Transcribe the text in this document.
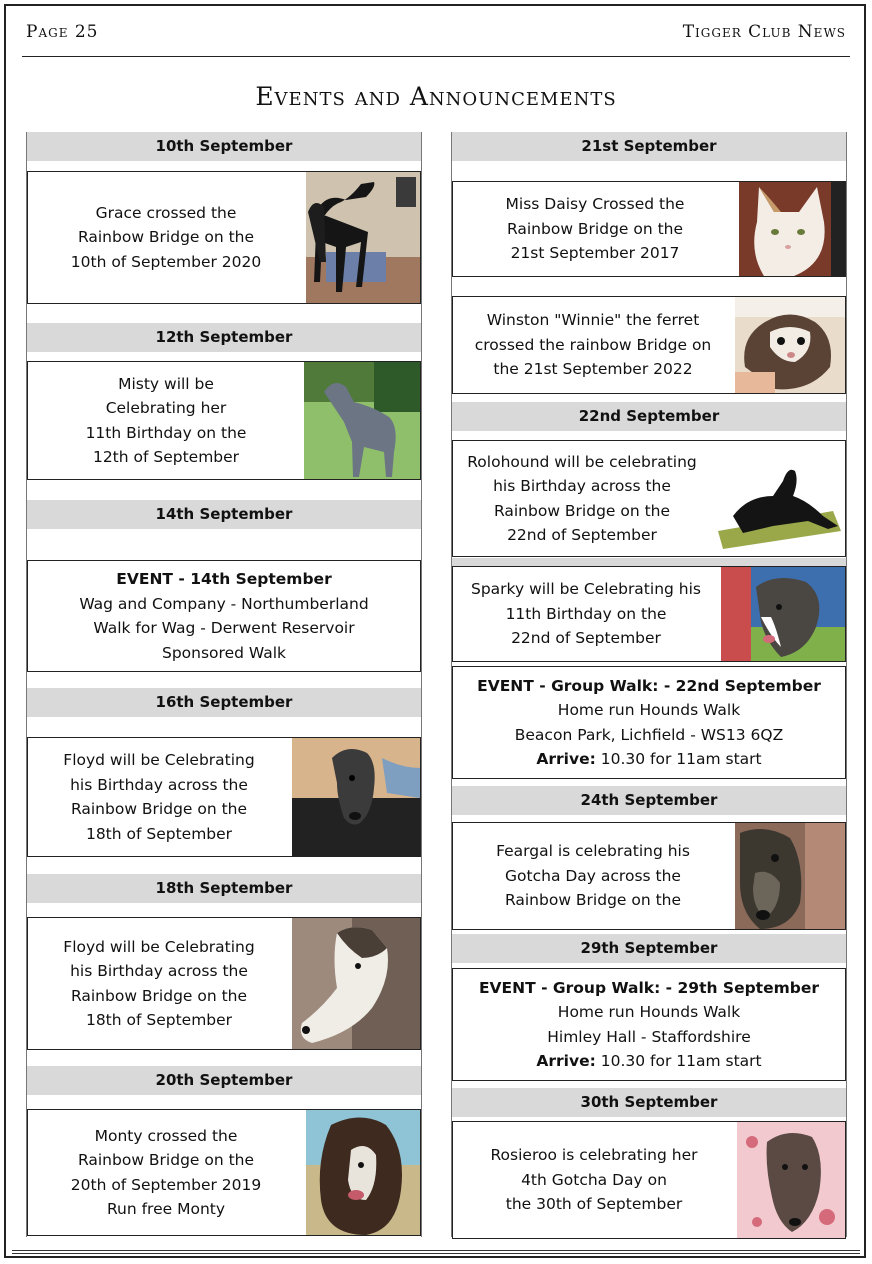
Page 25	Tigger Club News
Events and Announcements
10th September
Grace crossed the
Rainbow Bridge on the
10th of September 2020
12th September
Misty will be
Celebrating her
11th Birthday on the
12th of September
14th September
EVENT - 14th September
Wag and Company - Northumberland
Walk for Wag - Derwent Reservoir
Sponsored Walk
16th September
Floyd will be Celebrating
his Birthday across the
Rainbow Bridge on the
18th of September
18th September
Floyd will be Celebrating
his Birthday across the
Rainbow Bridge on the
18th of September
20th September
Monty crossed the
Rainbow Bridge on the
20th of September 2019
Run free Monty
21st September
Miss Daisy Crossed the
Rainbow Bridge on the
21st September 2017
Winston "Winnie" the ferret
crossed the rainbow Bridge on
the 21st September 2022
22nd September
Rolohound will be celebrating
his Birthday across the
Rainbow Bridge on the
22nd of September
Sparky will be Celebrating his
11th Birthday on the
22nd of September
EVENT - Group Walk: - 22nd September
Home run Hounds Walk
Beacon Park, Lichfield - WS13 6QZ
Arrive: 10.30 for 11am start
24th September
Feargal is celebrating his
Gotcha Day across the
Rainbow Bridge on the
29th September
EVENT - Group Walk: - 29th September
Home run Hounds Walk
Himley Hall - Staffordshire
Arrive: 10.30 for 11am start
30th September
Rosieroo is celebrating her
4th Gotcha Day on
the 30th of September
